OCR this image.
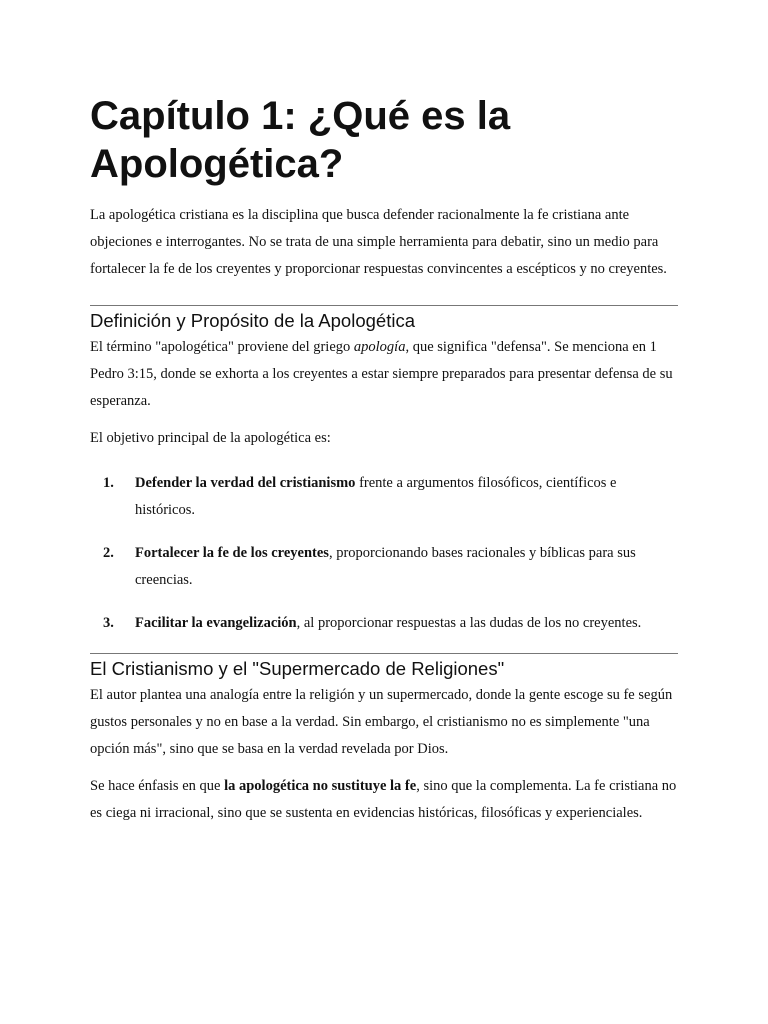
Capítulo 1: ¿Qué es la Apologética?

La apologética cristiana es la disciplina que busca defender racionalmente la fe cristiana ante objeciones e interrogantes. No se trata de una simple herramienta para debatir, sino un medio para fortalecer la fe de los creyentes y proporcionar respuestas convincentes a escépticos y no creyentes.

Definición y Propósito de la Apologética

El término "apologética" proviene del griego apología, que significa "defensa". Se menciona en 1 Pedro 3:15, donde se exhorta a los creyentes a estar siempre preparados para presentar defensa de su esperanza.

El objetivo principal de la apologética es:

1.	Defender la verdad del cristianismo frente a argumentos filosóficos, científicos e históricos.
2.	Fortalecer la fe de los creyentes, proporcionando bases racionales y bíblicas para sus creencias.
3.	Facilitar la evangelización, al proporcionar respuestas a las dudas de los no creyentes.
El Cristianismo y el "Supermercado de Religiones"

El autor plantea una analogía entre la religión y un supermercado, donde la gente escoge su fe según gustos personales y no en base a la verdad. Sin embargo, el cristianismo no es simplemente "una opción más", sino que se basa en la verdad revelada por Dios.

Se hace énfasis en que la apologética no sustituye la fe, sino que la complementa. La fe cristiana no es ciega ni irracional, sino que se sustenta en evidencias históricas, filosóficas y experienciales.
